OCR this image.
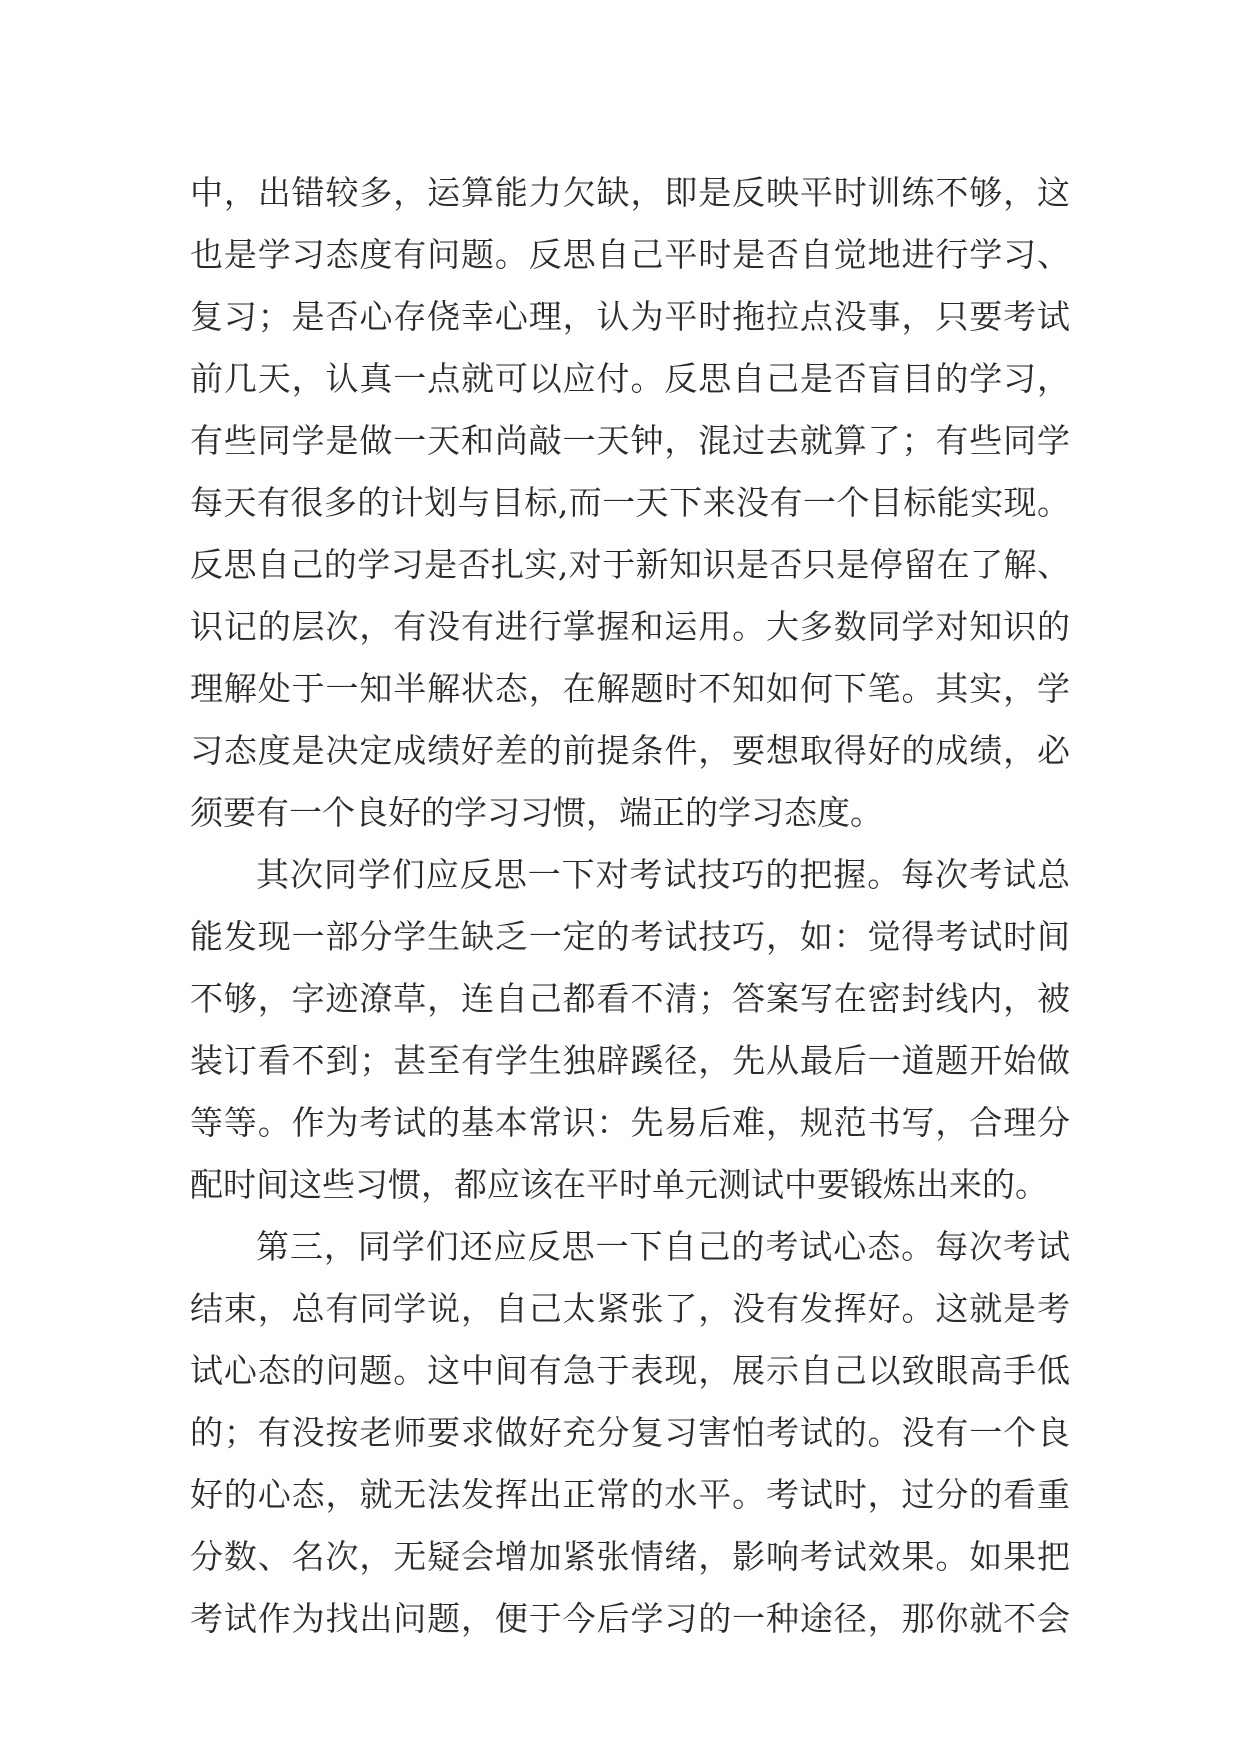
中，出错较多，运算能力欠缺，即是反映平时训练不够，这
也是学习态度有问题。反思自己平时是否自觉地进行学习、
复习；是否心存侥幸心理，认为平时拖拉点没事，只要考试
前几天，认真一点就可以应付。反思自己是否盲目的学习，
有些同学是做一天和尚敲一天钟，混过去就算了；有些同学
每天有很多的计划与目标,而一天下来没有一个目标能实现。
反思自己的学习是否扎实,对于新知识是否只是停留在了解、
识记的层次，有没有进行掌握和运用。大多数同学对知识的
理解处于一知半解状态，在解题时不知如何下笔。其实，学
习态度是决定成绩好差的前提条件，要想取得好的成绩，必
须要有一个良好的学习习惯，端正的学习态度。
其次同学们应反思一下对考试技巧的把握。每次考试总
能发现一部分学生缺乏一定的考试技巧，如：觉得考试时间
不够，字迹潦草，连自己都看不清；答案写在密封线内，被
装订看不到；甚至有学生独辟蹊径，先从最后一道题开始做
等等。作为考试的基本常识：先易后难，规范书写，合理分
配时间这些习惯，都应该在平时单元测试中要锻炼出来的。
第三，同学们还应反思一下自己的考试心态。每次考试
结束，总有同学说，自己太紧张了，没有发挥好。这就是考
试心态的问题。这中间有急于表现，展示自己以致眼高手低
的；有没按老师要求做好充分复习害怕考试的。没有一个良
好的心态，就无法发挥出正常的水平。考试时，过分的看重
分数、名次，无疑会增加紧张情绪，影响考试效果。如果把
考试作为找出问题，便于今后学习的一种途径，那你就不会
